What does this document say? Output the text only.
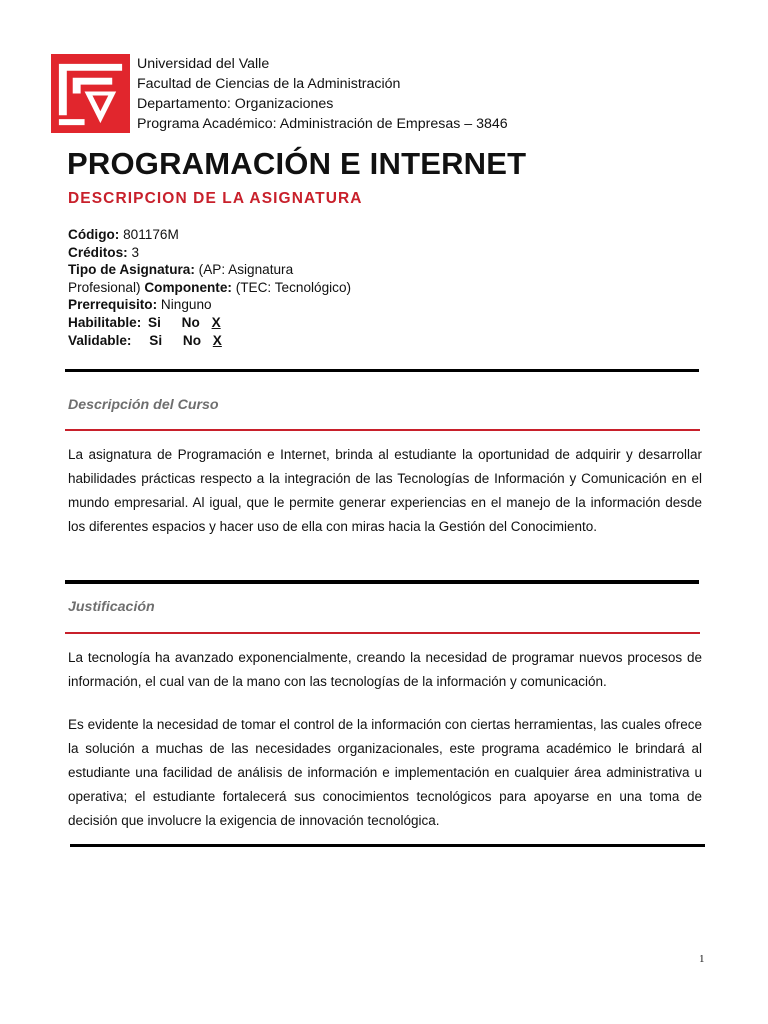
Universidad del Valle
Facultad de Ciencias de la Administración
Departamento: Organizaciones
Programa Académico: Administración de Empresas – 3846
PROGRAMACIÓN E INTERNET
DESCRIPCION DE LA ASIGNATURA
Código: 801176M
Créditos: 3
Tipo de Asignatura: (AP: Asignatura
Profesional) Componente: (TEC: Tecnológico)
Prerrequisito: Ninguno
Habilitable: Si No X
Validable: Si No X
Descripción del Curso

La asignatura de Programación e Internet, brinda al estudiante la oportunidad de adquirir y desarrollar habilidades prácticas respecto a la integración de las Tecnologías de Información y Comunicación en el mundo empresarial. Al igual, que le permite generar experiencias en el manejo de la información desde los diferentes espacios y hacer uso de ella con miras hacia la Gestión del Conocimiento.

Justificación

La tecnología ha avanzado exponencialmente, creando la necesidad de programar nuevos procesos de información, el cual van de la mano con las tecnologías de la información y comunicación.

Es evidente la necesidad de tomar el control de la información con ciertas herramientas, las cuales ofrece la solución a muchas de las necesidades organizacionales, este programa académico le brindará al estudiante una facilidad de análisis de información e implementación en cualquier área administrativa u operativa; el estudiante fortalecerá sus conocimientos tecnológicos para apoyarse en una toma de decisión que involucre la exigencia de innovación tecnológica.

1
